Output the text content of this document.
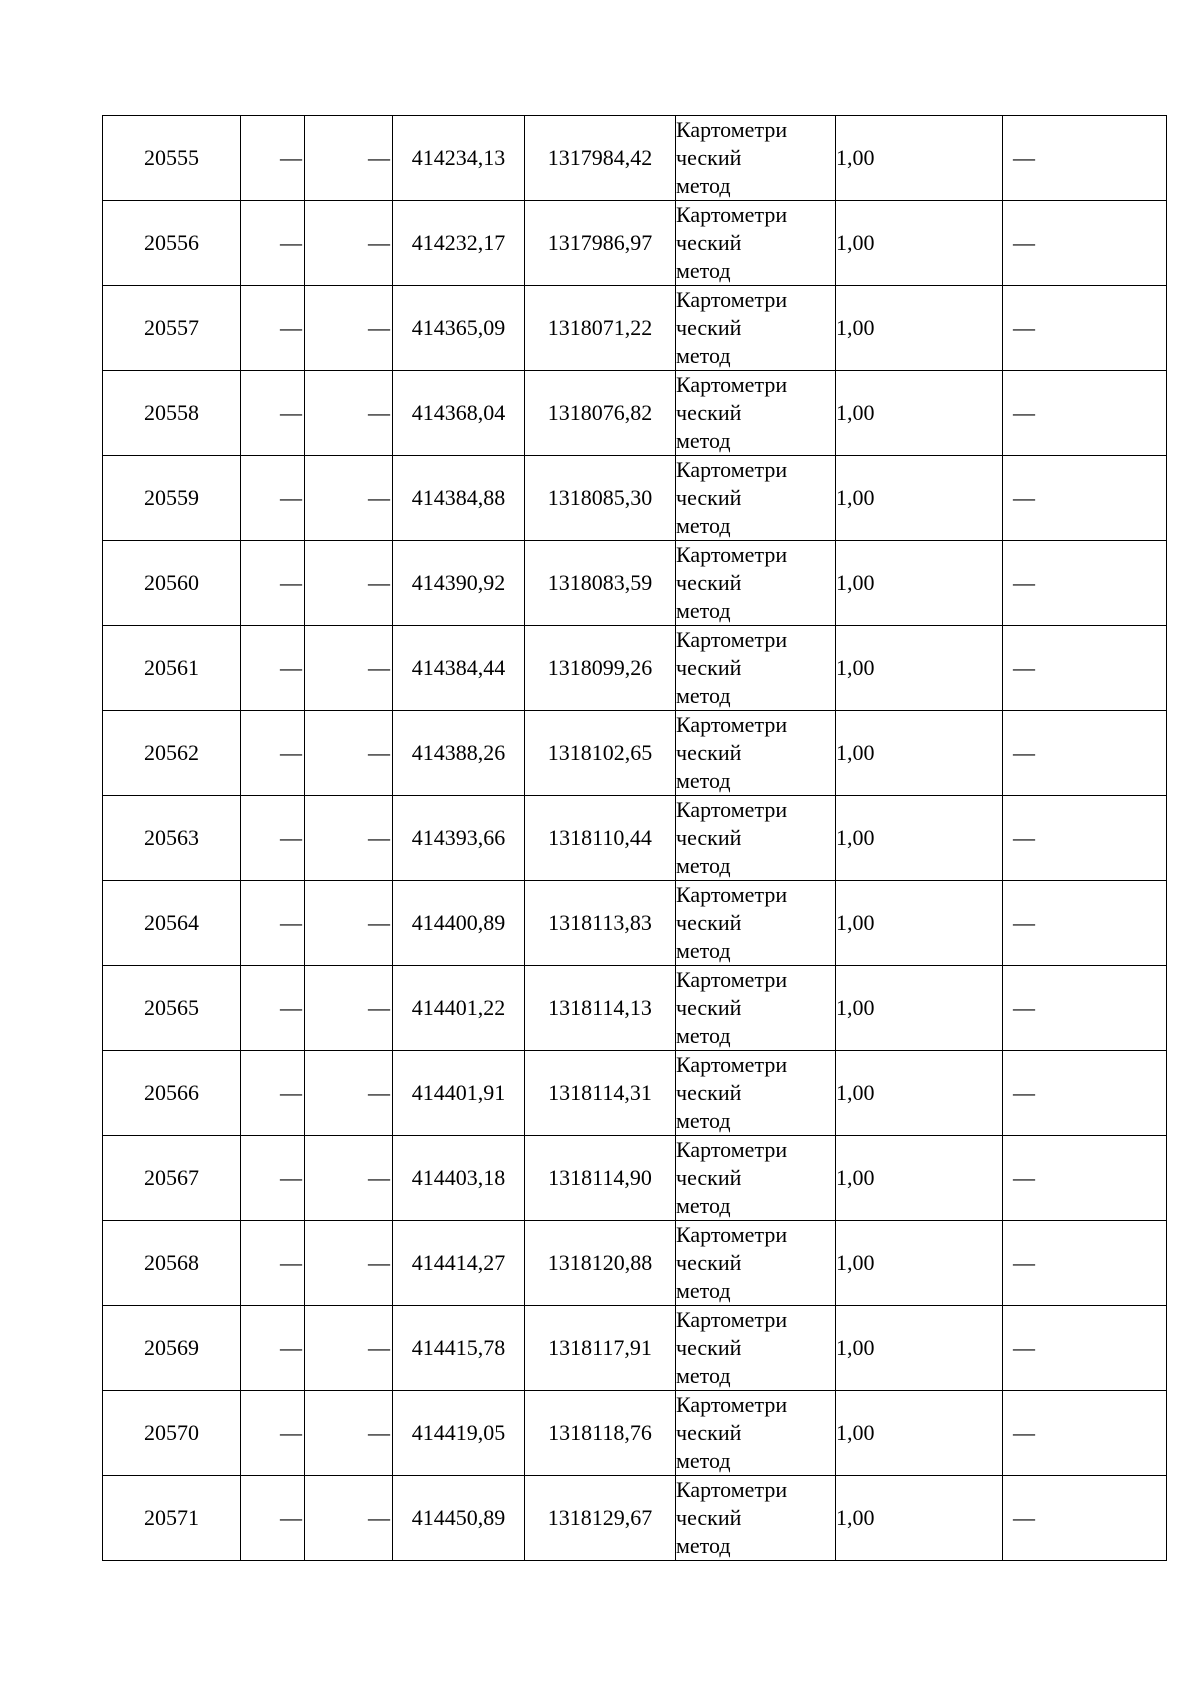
20555	—	—	414234,13	1317984,42	Картометри
ческий
метод	1,00	—
20556	—	—	414232,17	1317986,97	Картометри
ческий
метод	1,00	—
20557	—	—	414365,09	1318071,22	Картометри
ческий
метод	1,00	—
20558	—	—	414368,04	1318076,82	Картометри
ческий
метод	1,00	—
20559	—	—	414384,88	1318085,30	Картометри
ческий
метод	1,00	—
20560	—	—	414390,92	1318083,59	Картометри
ческий
метод	1,00	—
20561	—	—	414384,44	1318099,26	Картометри
ческий
метод	1,00	—
20562	—	—	414388,26	1318102,65	Картометри
ческий
метод	1,00	—
20563	—	—	414393,66	1318110,44	Картометри
ческий
метод	1,00	—
20564	—	—	414400,89	1318113,83	Картометри
ческий
метод	1,00	—
20565	—	—	414401,22	1318114,13	Картометри
ческий
метод	1,00	—
20566	—	—	414401,91	1318114,31	Картометри
ческий
метод	1,00	—
20567	—	—	414403,18	1318114,90	Картометри
ческий
метод	1,00	—
20568	—	—	414414,27	1318120,88	Картометри
ческий
метод	1,00	—
20569	—	—	414415,78	1318117,91	Картометри
ческий
метод	1,00	—
20570	—	—	414419,05	1318118,76	Картометри
ческий
метод	1,00	—
20571	—	—	414450,89	1318129,67	Картометри
ческий
метод	1,00	—
